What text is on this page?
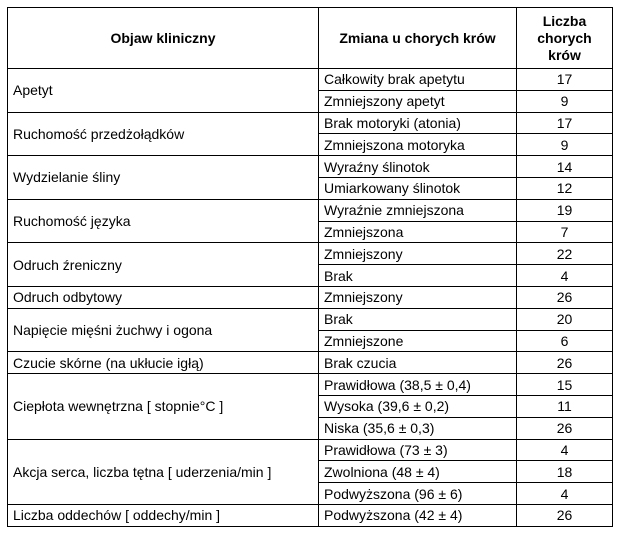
Objaw kliniczny	Zmiana u chorych krów	Liczba chorych krów
Apetyt	Całkowity brak apetytu	17
	Zmniejszony apetyt	9
Ruchomość przedżołądków	Brak motoryki (atonia)	17
	Zmniejszona motoryka	9
Wydzielanie śliny	Wyraźny ślinotok	14
	Umiarkowany ślinotok	12
Ruchomość języka	Wyraźnie zmniejszona	19
	Zmniejszona	7
Odruch źreniczny	Zmniejszony	22
	Brak	4
Odruch odbytowy	Zmniejszony	26
Napięcie mięśni żuchwy i ogona	Brak	20
	Zmniejszone	6
Czucie skórne (na ukłucie igłą)	Brak czucia	26
Ciepłota wewnętrzna [ stopnie°C ]	Prawidłowa (38,5 ± 0,4)	15
	Wysoka (39,6 ± 0,2)	11
	Niska (35,6 ± 0,3)	26
Akcja serca, liczba tętna [ uderzenia/min ]	Prawidłowa (73 ± 3)	4
	Zwolniona (48 ± 4)	18
	Podwyższona (96 ± 6)	4
Liczba oddechów [ oddechy/min ]	Podwyższona (42 ± 4)	26
